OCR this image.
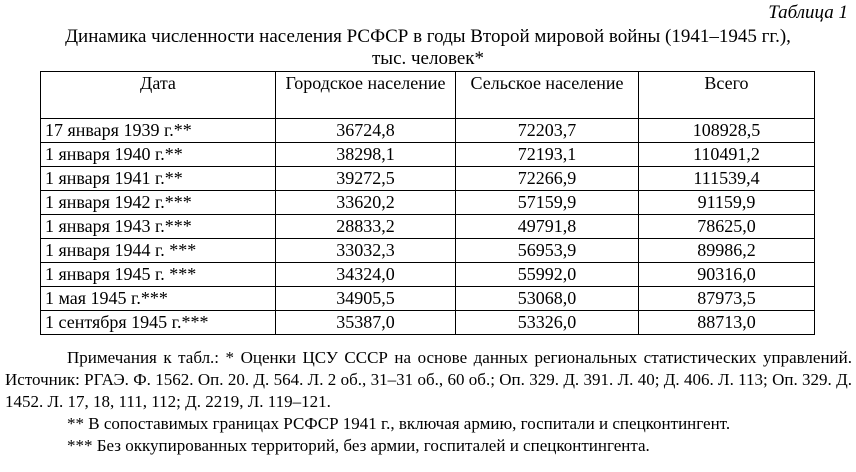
Таблица 1
Динамика численности населения РСФСР в годы Второй мировой войны (1941–1945 гг.),
тыс. человек*
Дата	Городское население	Сельское население	Всего
17 января 1939 г.**	36724,8	72203,7	108928,5
1 января 1940 г.**	38298,1	72193,1	110491,2
1 января 1941 г.**	39272,5	72266,9	111539,4
1 января 1942 г.***	33620,2	57159,9	91159,9
1 января 1943 г.***	28833,2	49791,8	78625,0
1 января 1944 г. ***	33032,3	56953,9	89986,2
1 января 1945 г. ***	34324,0	55992,0	90316,0
1 мая 1945 г.***	34905,5	53068,0	87973,5
1 сентября 1945 г.***	35387,0	53326,0	88713,0

Примечания к табл.: * Оценки ЦСУ СССР на основе данных региональных статистических управлений. Источник: РГАЭ. Ф. 1562. Оп. 20. Д. 564. Л. 2 об., 31–31 об., 60 об.; Оп. 329. Д. 391. Л. 40; Д. 406. Л. 113; Оп. 329. Д. 1452. Л. 17, 18, 111, 112; Д. 2219, Л. 119–121.

** В сопоставимых границах РСФСР 1941 г., включая армию, госпитали и спецконтингент.

*** Без оккупированных территорий, без армии, госпиталей и спецконтингента.
